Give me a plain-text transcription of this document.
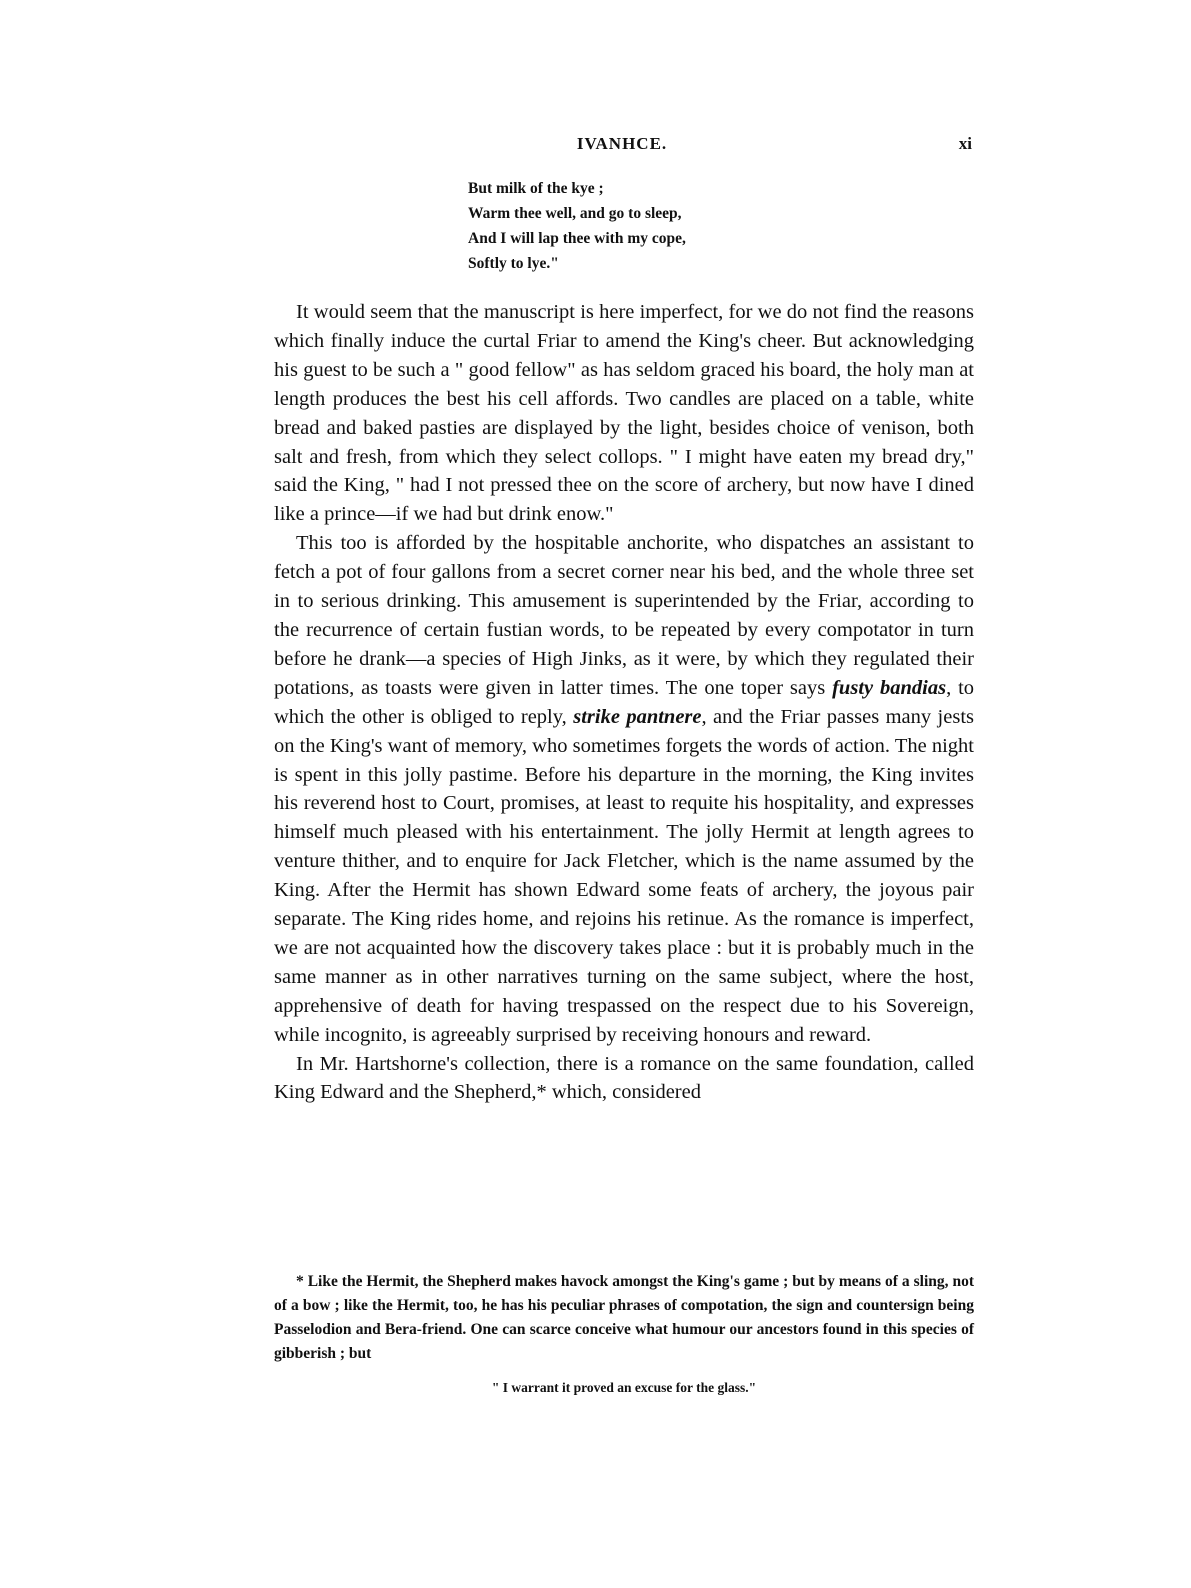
IVANHCE.	xi
But milk of the kye ;
Warm thee well, and go to sleep,
And I will lap thee with my cope,
Softly to lye."

It would seem that the manuscript is here imperfect, for we do not find the reasons which finally induce the curtal Friar to amend the King's cheer. But acknowledging his guest to be such a " good fellow" as has seldom graced his board, the holy man at length produces the best his cell affords. Two candles are placed on a table, white bread and baked pasties are displayed by the light, besides choice of venison, both salt and fresh, from which they select collops. " I might have eaten my bread dry," said the King, " had I not pressed thee on the score of archery, but now have I dined like a prince—if we had but drink enow."

This too is afforded by the hospitable anchorite, who dispatches an assistant to fetch a pot of four gallons from a secret corner near his bed, and the whole three set in to serious drinking. This amusement is superintended by the Friar, according to the recurrence of certain fustian words, to be repeated by every compotator in turn before he drank—a species of High Jinks, as it were, by which they regulated their potations, as toasts were given in latter times. The one toper says fusty bandias, to which the other is obliged to reply, strike pantnere, and the Friar passes many jests on the King's want of memory, who sometimes forgets the words of action. The night is spent in this jolly pastime. Before his departure in the morning, the King invites his reverend host to Court, promises, at least to requite his hospitality, and expresses himself much pleased with his entertainment. The jolly Hermit at length agrees to venture thither, and to enquire for Jack Fletcher, which is the name assumed by the King. After the Hermit has shown Edward some feats of archery, the joyous pair separate. The King rides home, and rejoins his retinue. As the romance is imperfect, we are not acquainted how the discovery takes place : but it is probably much in the same manner as in other narratives turning on the same subject, where the host, apprehensive of death for having trespassed on the respect due to his Sovereign, while incognito, is agreeably surprised by receiving honours and reward.

In Mr. Hartshorne's collection, there is a romance on the same foundation, called King Edward and the Shepherd,* which, considered

* Like the Hermit, the Shepherd makes havock amongst the King's game ; but by means of a sling, not of a bow ; like the Hermit, too, he has his peculiar phrases of compotation, the sign and countersign being Passelodion and Bera-friend. One can scarce conceive what humour our ancestors found in this species of gibberish ; but

" I warrant it proved an excuse for the glass."
